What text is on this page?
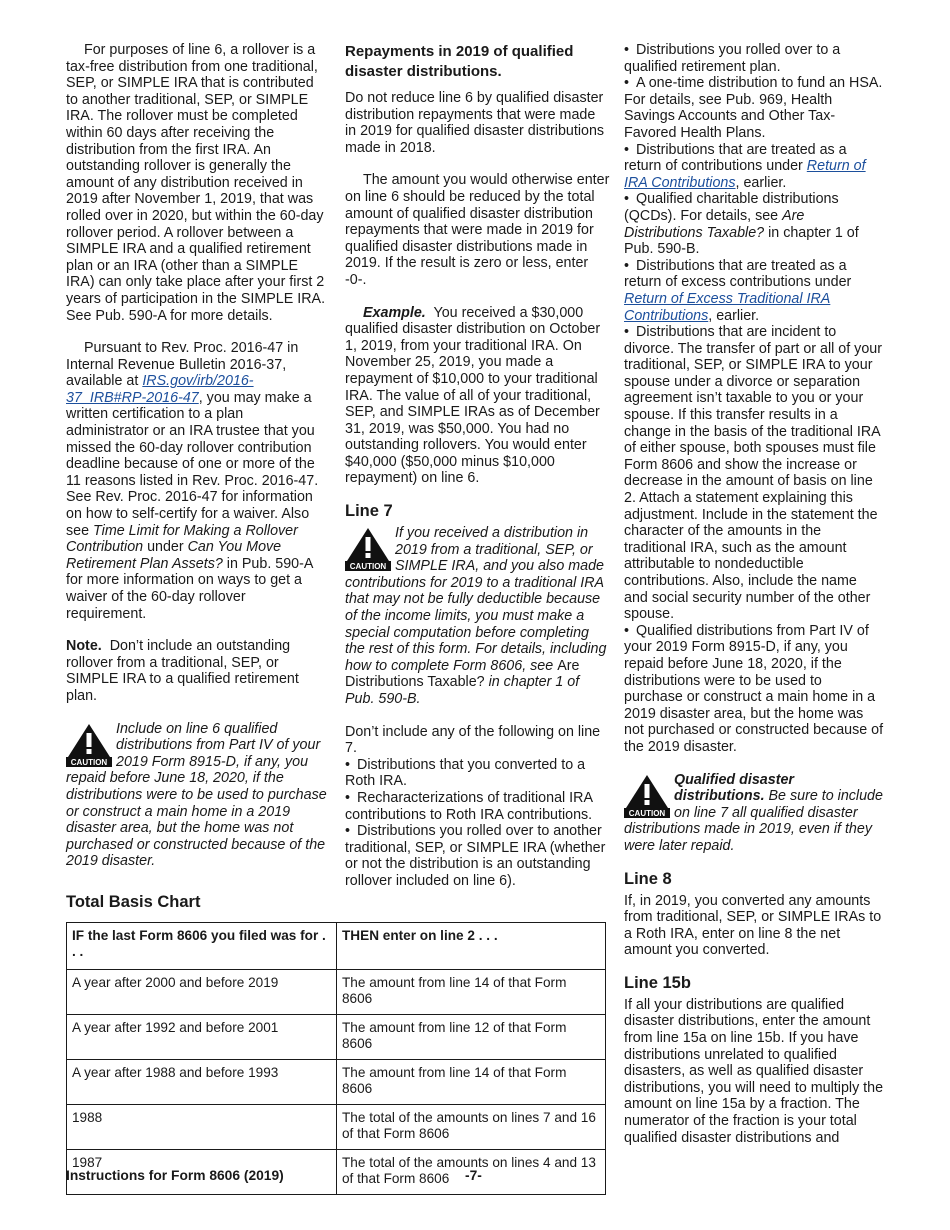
For purposes of line 6, a rollover is a tax-free distribution from one traditional, SEP, or SIMPLE IRA that is contributed to another traditional, SEP, or SIMPLE IRA. The rollover must be completed within 60 days after receiving the distribution from the first IRA. An outstanding rollover is generally the amount of any distribution received in 2019 after November 1, 2019, that was rolled over in 2020, but within the 60-day rollover period. A rollover between a SIMPLE IRA and a qualified retirement plan or an IRA (other than a SIMPLE IRA) can only take place after your first 2 years of participation in the SIMPLE IRA. See Pub. 590-A for more details.

Pursuant to Rev. Proc. 2016-47 in Internal Revenue Bulletin 2016-37, available at IRS.gov/irb/2016-37_IRB#RP-2016-47, you may make a written certification to a plan administrator or an IRA trustee that you missed the 60-day rollover contribution deadline because of one or more of the 11 reasons listed in Rev. Proc. 2016-47. See Rev. Proc. 2016-47 for information on how to self-certify for a waiver. Also see Time Limit for Making a Rollover Contribution under Can You Move Retirement Plan Assets? in Pub. 590-A for more information on ways to get a waiver of the 60-day rollover requirement.

Note. Don’t include an outstanding rollover from a traditional, SEP, or SIMPLE IRA to a qualified retirement plan.

CAUTION
Include on line 6 qualified distributions from Part IV of your 2019 Form 8915-D, if any, you repaid before June 18, 2020, if the distributions were to be used to purchase or construct a main home in a 2019 disaster area, but the home was not purchased or constructed because of the 2019 disaster.

Repayments in 2019 of qualified disaster distributions.

Do not reduce line 6 by qualified disaster distribution repayments that were made in 2019 for qualified disaster distributions made in 2018.

The amount you would otherwise enter on line 6 should be reduced by the total amount of qualified disaster distribution repayments that were made in 2019 for qualified disaster distributions made in 2019. If the result is zero or less, enter -0-.

Example. You received a $30,000 qualified disaster distribution on October 1, 2019, from your traditional IRA. On November 25, 2019, you made a repayment of $10,000 to your traditional IRA. The value of all of your traditional, SEP, and SIMPLE IRAs as of December 31, 2019, was $50,000. You had no outstanding rollovers. You would enter $40,000 ($50,000 minus $10,000 repayment) on line 6.

Line 7

CAUTION
If you received a distribution in 2019 from a traditional, SEP, or SIMPLE IRA, and you also made contributions for 2019 to a traditional IRA that may not be fully deductible because of the income limits, you must make a special computation before completing the rest of this form. For details, including how to complete Form 8606, see Are Distributions Taxable? in chapter 1 of Pub. 590-B.

Don’t include any of the following on line 7.

• Distributions that you converted to a Roth IRA.

• Recharacterizations of traditional IRA contributions to Roth IRA contributions.

• Distributions you rolled over to another traditional, SEP, or SIMPLE IRA (whether or not the distribution is an outstanding rollover included on line 6).

• Distributions you rolled over to a qualified retirement plan.

• A one-time distribution to fund an HSA. For details, see Pub. 969, Health Savings Accounts and Other Tax-Favored Health Plans.

• Distributions that are treated as a return of contributions under Return of IRA Contributions, earlier.

• Qualified charitable distributions (QCDs). For details, see Are Distributions Taxable? in chapter 1 of Pub. 590-B.

• Distributions that are treated as a return of excess contributions under Return of Excess Traditional IRA Contributions, earlier.

• Distributions that are incident to divorce. The transfer of part or all of your traditional, SEP, or SIMPLE IRA to your spouse under a divorce or separation agreement isn’t taxable to you or your spouse. If this transfer results in a change in the basis of the traditional IRA of either spouse, both spouses must file Form 8606 and show the increase or decrease in the amount of basis on line 2. Attach a statement explaining this adjustment. Include in the statement the character of the amounts in the traditional IRA, such as the amount attributable to nondeductible contributions. Also, include the name and social security number of the other spouse.

• Qualified distributions from Part IV of your 2019 Form 8915-D, if any, you repaid before June 18, 2020, if the distributions were to be used to purchase or construct a main home in a 2019 disaster area, but the home was not purchased or constructed because of the 2019 disaster.

CAUTION
Qualified disaster distributions. Be sure to include on line 7 all qualified disaster distributions made in 2019, even if they were later repaid.

Line 8

If, in 2019, you converted any amounts from traditional, SEP, or SIMPLE IRAs to a Roth IRA, enter on line 8 the net amount you converted.

Line 15b

If all your distributions are qualified disaster distributions, enter the amount from line 15a on line 15b. If you have distributions unrelated to qualified disasters, as well as qualified disaster distributions, you will need to multiply the amount on line 15a by a fraction. The numerator of the fraction is your total qualified disaster distributions and

Total Basis Chart
IF the last Form 8606 you filed was for . . .	THEN enter on line 2 . . .
A year after 2000 and before 2019	The amount from line 14 of that Form 8606
A year after 1992 and before 2001	The amount from line 12 of that Form 8606
A year after 1988 and before 1993	The amount from line 14 of that Form 8606
1988	The total of the amounts on lines 7 and 16 of that Form 8606
1987	The total of the amounts on lines 4 and 13 of that Form 8606
Instructions for Form 8606 (2019)	-7-
